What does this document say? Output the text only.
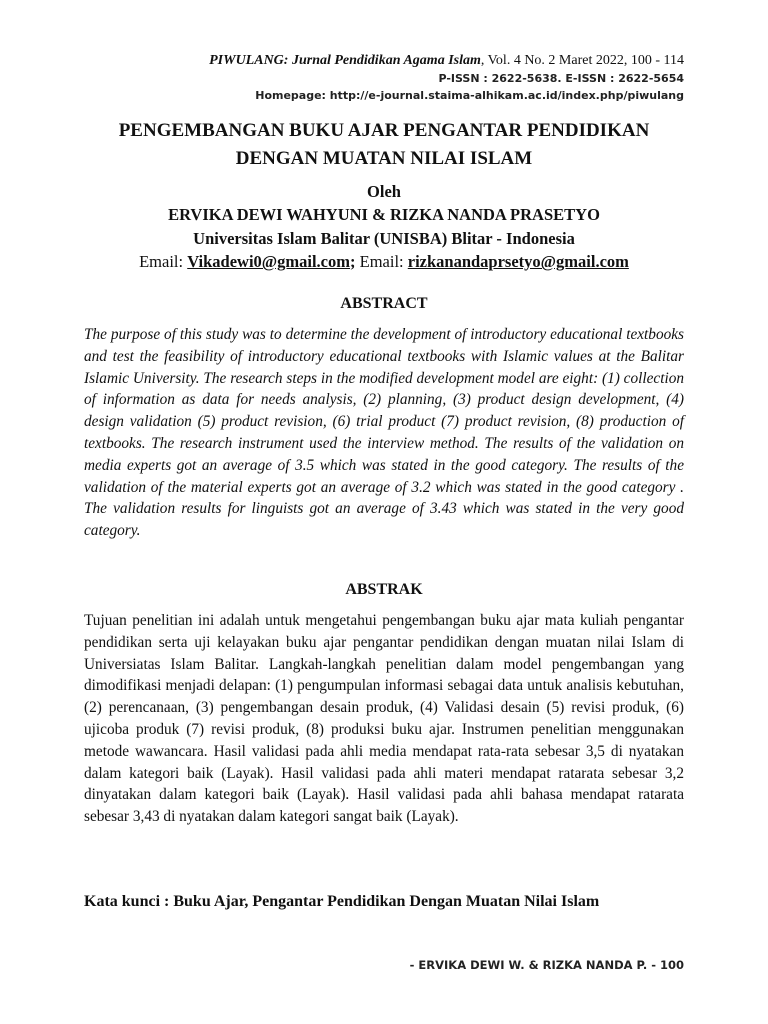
PIWULANG: Jurnal Pendidikan Agama Islam, Vol. 4 No. 2 Maret 2022, 100 - 114
P-ISSN : 2622-5638. E-ISSN : 2622-5654
Homepage: http://e-journal.staima-alhikam.ac.id/index.php/piwulang
PENGEMBANGAN BUKU AJAR PENGANTAR PENDIDIKAN
DENGAN MUATAN NILAI ISLAM
Oleh
ERVIKA DEWI WAHYUNI & RIZKA NANDA PRASETYO
Universitas Islam Balitar (UNISBA) Blitar - Indonesia
Email: Vikadewi0@gmail.com; Email: rizkanandaprsetyo@gmail.com
ABSTRACT
The purpose of this study was to determine the development of introductory educational textbooks and test the feasibility of introductory educational textbooks with Islamic values at the Balitar Islamic University. The research steps in the modified development model are eight: (1) collection of information as data for needs analysis, (2) planning, (3) product design development, (4) design validation (5) product revision, (6) trial product (7) product revision, (8) production of textbooks. The research instrument used the interview method. The results of the validation on media experts got an average of 3.5 which was stated in the good category. The results of the validation of the material experts got an average of 3.2 which was stated in the good category . The validation results for linguists got an average of 3.43 which was stated in the very good category.
ABSTRAK
Tujuan penelitian ini adalah untuk mengetahui pengembangan buku ajar mata kuliah pengantar pendidikan serta uji kelayakan buku ajar pengantar pendidikan dengan muatan nilai Islam di Universiatas Islam Balitar. Langkah-langkah penelitian dalam model pengembangan yang dimodifikasi menjadi delapan: (1) pengumpulan informasi sebagai data untuk analisis kebutuhan, (2) perencanaan, (3) pengembangan desain produk, (4) Validasi desain (5) revisi produk, (6) ujicoba produk (7) revisi produk, (8) produksi buku ajar. Instrumen penelitian menggunakan metode wawancara. Hasil validasi pada ahli media mendapat rata-rata sebesar 3,5 di nyatakan dalam kategori baik (Layak). Hasil validasi pada ahli materi mendapat ratarata sebesar 3,2 dinyatakan dalam kategori baik (Layak). Hasil validasi pada ahli bahasa mendapat ratarata sebesar 3,43 di nyatakan dalam kategori sangat baik (Layak).
Kata kunci : Buku Ajar, Pengantar Pendidikan Dengan Muatan Nilai Islam
- ERVIKA DEWI W. & RIZKA NANDA P. - 100
